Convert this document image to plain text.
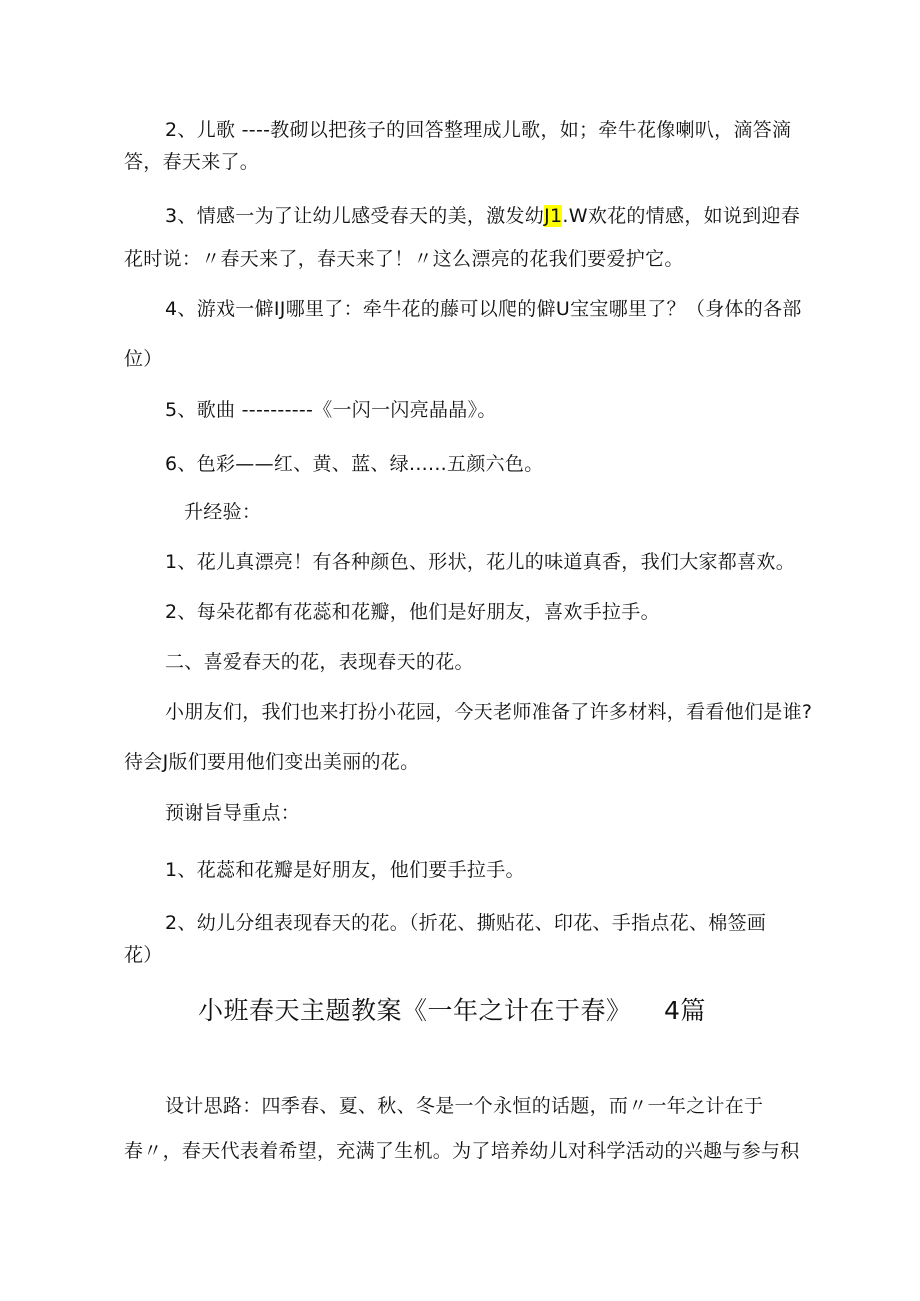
2、儿歌 ----教砌以把孩子的回答整理成儿歌，如；牵牛花像喇叭，滴答滴
答，春天来了。
3、情感一为了让幼儿感受春天的美，激发幼J1.W欢花的情感，如说到迎春
花时说：〃春天来了，春天来了！〃这么漂亮的花我们要爱护它。
4、游戏一僻IJ哪里了：牵牛花的藤可以爬的僻U宝宝哪里了？（身体的各部
位）
5、歌曲 ----------《一闪一闪亮晶晶》。
6、色彩——红、黄、蓝、绿......五颜六色。
升经验：
1、花儿真漂亮！有各种颜色、形状，花儿的味道真香，我们大家都喜欢。
2、每朵花都有花蕊和花瓣，他们是好朋友，喜欢手拉手。
二、喜爱春天的花，表现春天的花。
小朋友们，我们也来打扮小花园，今天老师准备了许多材料，看看他们是谁?
待会J版们要用他们变出美丽的花。
预谢旨导重点：
1、花蕊和花瓣是好朋友，他们要手拉手。
2、幼儿分组表现春天的花。（折花、撕贴花、印花、手指点花、棉签画
花）
小班春天主题教案《一年之计在于春》 4篇
设计思路：四季春、夏、秋、冬是一个永恒的话题，而〃一年之计在于
春〃，春天代表着希望，充满了生机。为了培养幼儿对科学活动的兴趣与参与积
